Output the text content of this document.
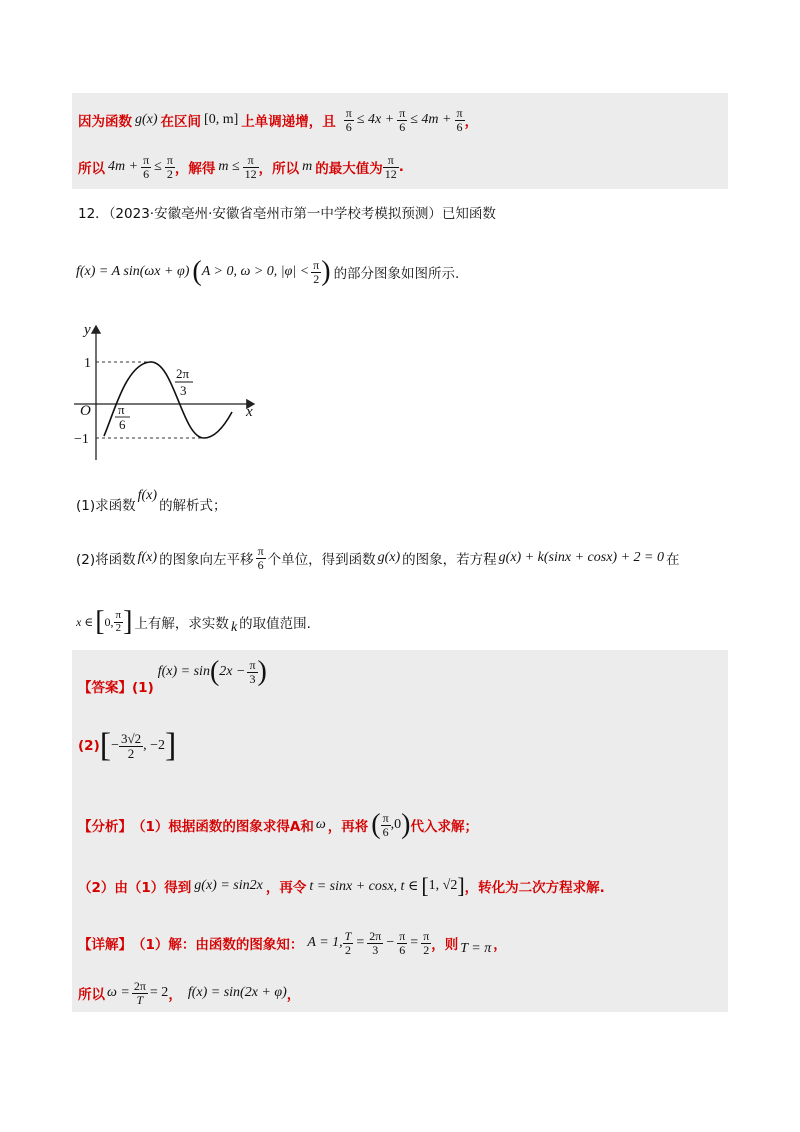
因为函数 g(x) 在区间 [0, m] 上单调递增，且 $\frac{\pi}{6} \le 4x + \frac{\pi}{6} \le 4m + \frac{\pi}{6}$ ，
所以 $4m + \frac{\pi}{6} \le \frac{\pi}{2}$ ，解得 $m \le \frac{\pi}{12}$ ，所以 m 的最大值为 $\frac{\pi}{12}$ .
12．（2023·安徽亳州·安徽省亳州市第一中学校考模拟预测）已知函数
f(x) = A sin(ωx + φ) ( A > 0, ω > 0, $|\varphi| < \frac{\pi}{2}$ ) 的部分图象如图所示.
y
x
O
1
−1
π
6
2π
3
(1)求函数
f(x)
的解析式；
(2)将函数 f(x) 的图象向左平移 $\frac{\pi}{6}$ 个单位，得到函数 g(x) 的图象，若方程 g(x) + k(sinx + cosx) + 2 = 0 在
x ∈ [ 0, $\frac{\pi}{2}$ ] 上有解，求实数 k 的取值范围.
【答案】(1)
f(x) = sin ( $2x - \frac{\pi}{3}$ )
(2) [ − $\frac{3√2}{2}$ , −2 ]
【分析】 （1）根据函数的图象求得A和 ω ，再将 ( $\frac{\pi}{6} ,0$ ) 代入求解；
（2）由（1）得到 g(x) = sin2x ，再令 t = sinx + cosx, t ∈ [ 1, √2 ] ，转化为二次方程求解.
【详解】 （1）解：由函数的图象知： A = 1, $\frac{T}{2} = \frac{2\pi}{3} - \frac{\pi}{6} = \frac{\pi}{2}$ ，则 T = π ，
所以 $\omega = \frac{2\pi}{T} = 2$ ， f(x) = sin(2x + φ) ，
